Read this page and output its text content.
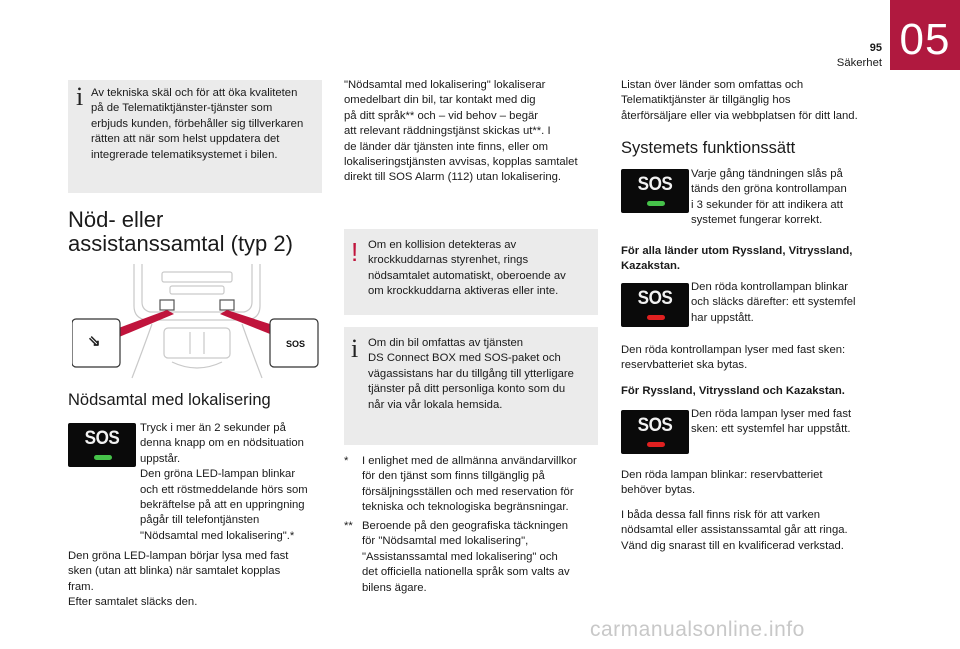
05
95
Säkerhet
i Av tekniska skäl och för att öka kvaliteten

på de Telematiktjänster-tjänster som

erbjuds kunden, förbehåller sig tillverkaren

rätten att när som helst uppdatera det

integrerade telematiksystemet i bilen.

Nöd- eller

assistanssamtal (typ 2)

⇘	SOS

Nödsamtal med lokalisering

SOS	Tryck i mer än 2 sekunder på

denna knapp om en nödsituation

uppstår.

Den gröna LED-lampan blinkar

och ett röstmeddelande hörs som

bekräftelse på att en uppringning

pågår till telefontjänsten

"Nödsamtal med lokalisering".*

Den gröna LED-lampan börjar lysa med fast

sken (utan att blinka) när samtalet kopplas

fram.

Efter samtalet släcks den.

"Nödsamtal med lokalisering" lokaliserar

omedelbart din bil, tar kontakt med dig

på ditt språk** och – vid behov – begär

att relevant räddningstjänst skickas ut**. I

de länder där tjänsten inte finns, eller om

lokaliseringstjänsten avvisas, kopplas samtalet

direkt till SOS Alarm (112) utan lokalisering.

! Om en kollision detekteras av

krockkuddarnas styrenhet, rings

nödsamtalet automatiskt, oberoende av

om krockkuddarna aktiveras eller inte.

i Om din bil omfattas av tjänsten

DS Connect BOX med SOS-paket och

vägassistans har du tillgång till ytterligare

tjänster på ditt personliga konto som du

når via vår lokala hemsida.

* I enlighet med de allmänna användarvillkor

för den tjänst som finns tillgänglig på

försäljningsställen och med reservation för

tekniska och teknologiska begränsningar.

** Beroende på den geografiska täckningen

för "Nödsamtal med lokalisering",

"Assistanssamtal med lokalisering" och

det officiella nationella språk som valts av

bilens ägare.

Listan över länder som omfattas och

Telematiktjänster är tillgänglig hos

återförsäljare eller via webbplatsen för ditt land.

Systemets funktionssätt

SOS	Varje gång tändningen slås på

tänds den gröna kontrollampan

i 3 sekunder för att indikera att

systemet fungerar korrekt.

För alla länder utom Ryssland, Vitryssland,

Kazakstan.

SOS

Den röda kontrollampan blinkar

och släcks därefter: ett systemfel

har uppstått.

Den röda kontrollampan lyser med fast sken:

reservbatteriet ska bytas.

För Ryssland, Vitryssland och Kazakstan.

SOS

Den röda lampan lyser med fast

sken: ett systemfel har uppstått.

Den röda lampan blinkar: reservbatteriet

behöver bytas.

I båda dessa fall finns risk för att varken

nödsamtal eller assistanssamtal går att ringa.

Vänd dig snarast till en kvalificerad verkstad.

carmanualsonline.info
